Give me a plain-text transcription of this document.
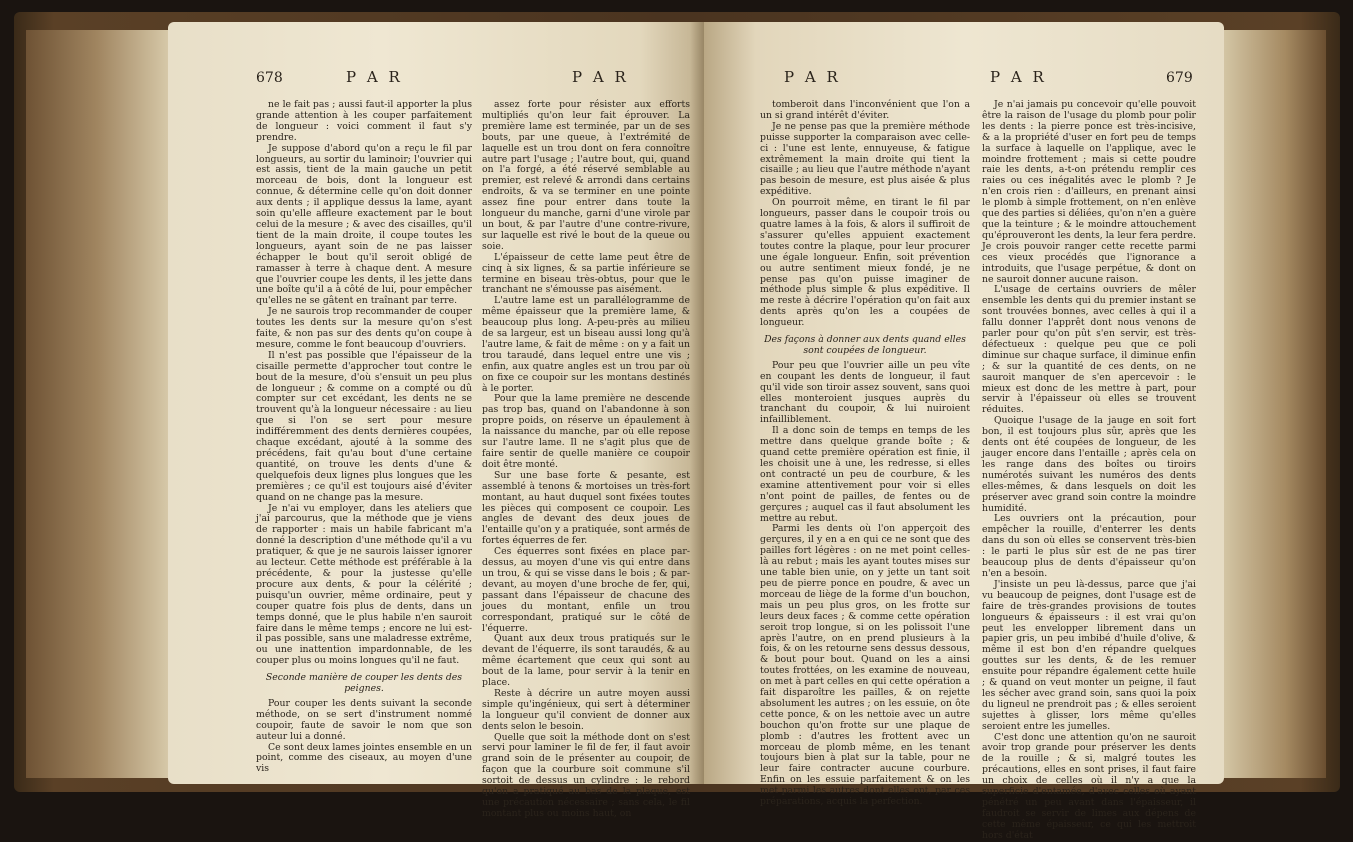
678	P A R	P A R

ne le fait pas ; aussi faut-il apporter la plus grande attention à les couper parfaitement de longueur : voici comment il faut s'y prendre.

Je suppose d'abord qu'on a reçu le fil par longueurs, au sortir du laminoir; l'ouvrier qui est assis, tient de la main gauche un petit morceau de bois, dont la longueur est connue, & détermine celle qu'on doit donner aux dents ; il applique dessus la lame, ayant soin qu'elle affleure exactement par le bout celui de la mesure ; & avec des cisailles, qu'il tient de la main droite, il coupe toutes les longueurs, ayant soin de ne pas laisser échapper le bout qu'il seroit obligé de ramasser à terre à chaque dent. A mesure que l'ouvrier coupe les dents, il les jette dans une boîte qu'il a à côté de lui, pour empêcher qu'elles ne se gâtent en traînant par terre.

Je ne saurois trop recommander de couper toutes les dents sur la mesure qu'on s'est faite, & non pas sur des dents qu'on coupe à mesure, comme le font beaucoup d'ouvriers.

Il n'est pas possible que l'épaisseur de la cisaille permette d'approcher tout contre le bout de la mesure, d'où s'ensuit un peu plus de longueur ; & comme on a compté ou dû compter sur cet excédant, les dents ne se trouvent qu'à la longueur nécessaire : au lieu que si l'on se sert pour mesure indifféremment des dents dernières coupées, chaque excédant, ajouté à la somme des précédens, fait qu'au bout d'une certaine quantité, on trouve les dents d'une & quelquefois deux lignes plus longues que les premières ; ce qu'il est toujours aisé d'éviter quand on ne change pas la mesure.

Je n'ai vu employer, dans les ateliers que j'ai parcourus, que la méthode que je viens de rapporter : mais un habile fabricant m'a donné la description d'une méthode qu'il a vu pratiquer, & que je ne saurois laisser ignorer au lecteur. Cette méthode est préférable à la précédente, & pour la justesse qu'elle procure aux dents, & pour la célérité ; puisqu'un ouvrier, même ordinaire, peut y couper quatre fois plus de dents, dans un temps donné, que le plus habile n'en sauroit faire dans le même temps ; encore ne lui est-il pas possible, sans une maladresse extrême, ou une inattention impardonnable, de les couper plus ou moins longues qu'il ne faut.

Seconde manière de couper les dents des peignes.

Pour couper les dents suivant la seconde méthode, on se sert d'instrument nommé coupoir, faute de savoir le nom que son auteur lui a donné.

Ce sont deux lames jointes ensemble en un point, comme des ciseaux, au moyen d'une vis

assez forte pour résister aux efforts multipliés qu'on leur fait éprouver. La première lame est terminée, par un de ses bouts, par une queue, à l'extrémité de laquelle est un trou dont on fera connoître autre part l'usage ; l'autre bout, qui, quand on l'a forgé, a été réservé semblable au premier, est relevé & arrondi dans certains endroits, & va se terminer en une pointe assez fine pour entrer dans toute la longueur du manche, garni d'une virole par un bout, & par l'autre d'une contre-rivure, sur laquelle est rivé le bout de la queue ou soie.

L'épaisseur de cette lame peut être de cinq à six lignes, & sa partie inférieure se termine en biseau très-obtus, pour que le tranchant ne s'émousse pas aisément.

L'autre lame est un parallélogramme de même épaisseur que la première lame, & beaucoup plus long. A-peu-près au milieu de sa largeur, est un biseau aussi long qu'à l'autre lame, & fait de même : on y a fait un trou taraudé, dans lequel entre une vis ; enfin, aux quatre angles est un trou par où on fixe ce coupoir sur les montans destinés à le porter.

Pour que la lame première ne descende pas trop bas, quand on l'abandonne à son propre poids, on réserve un épaulement à la naissance du manche, par où elle repose sur l'autre lame. Il ne s'agit plus que de faire sentir de quelle manière ce coupoir doit être monté.

Sur une base forte & pesante, est assemblé à tenons & mortoises un très-fort montant, au haut duquel sont fixées toutes les pièces qui composent ce coupoir. Les angles de devant des deux joues de l'entaille qu'on y a pratiquée, sont armés de fortes équerres de fer.

Ces équerres sont fixées en place par-dessus, au moyen d'une vis qui entre dans un trou, & qui se visse dans le bois ; & par-devant, au moyen d'une broche de fer, qui, passant dans l'épaisseur de chacune des joues du montant, enfile un trou correspondant, pratiqué sur le côté de l'équerre.

Quant aux deux trous pratiqués sur le devant de l'équerre, ils sont taraudés, & au même écartement que ceux qui sont au bout de la lame, pour servir à la tenir en place.

Reste à décrire un autre moyen aussi simple qu'ingénieux, qui sert à déterminer la longueur qu'il convient de donner aux dents selon le besoin.

Quelle que soit la méthode dont on s'est servi pour laminer le fil de fer, il faut avoir grand soin de le présenter au coupoir, de façon que la courbure soit commune s'il sortoit de dessus un cylindre : le rebord qu'on a pratiqué au bas de la plaque, est une précaution nécessaire ; sans cela, le fil montant plus ou moins haut, on

P A R	P A R	679

tomberoit dans l'inconvénient que l'on a un si grand intérêt d'éviter.

Je ne pense pas que la première méthode puisse supporter la comparaison avec celle-ci : l'une est lente, ennuyeuse, & fatigue extrêmement la main droite qui tient la cisaille ; au lieu que l'autre méthode n'ayant pas besoin de mesure, est plus aisée & plus expéditive.

On pourroit même, en tirant le fil par longueurs, passer dans le coupoir trois ou quatre lames à la fois, & alors il suffiroit de s'assurer qu'elles appuient exactement toutes contre la plaque, pour leur procurer une égale longueur. Enfin, soit prévention ou autre sentiment mieux fondé, je ne pense pas qu'on puisse imaginer de méthode plus simple & plus expéditive. Il me reste à décrire l'opération qu'on fait aux dents après qu'on les a coupées de longueur.

Des façons à donner aux dents quand elles sont coupées de longueur.

Pour peu que l'ouvrier aille un peu vîte en coupant les dents de longueur, il faut qu'il vide son tiroir assez souvent, sans quoi elles monteroient jusques auprès du tranchant du coupoir, & lui nuiroient infailliblement.

Il a donc soin de temps en temps de les mettre dans quelque grande boîte ; & quand cette première opération est finie, il les choisit une à une, les redresse, si elles ont contracté un peu de courbure, & les examine attentivement pour voir si elles n'ont point de pailles, de fentes ou de gerçures ; auquel cas il faut absolument les mettre au rebut.

Parmi les dents où l'on apperçoit des gerçures, il y en a en qui ce ne sont que des pailles fort légères : on ne met point celles-là au rebut ; mais les ayant toutes mises sur une table bien unie, on y jette un tant soit peu de pierre ponce en poudre, & avec un morceau de liège de la forme d'un bouchon, mais un peu plus gros, on les frotte sur leurs deux faces ; & comme cette opération seroit trop longue, si on les polissoit l'une après l'autre, on en prend plusieurs à la fois, & on les retourne sens dessus dessous, & bout pour bout. Quand on les a ainsi toutes frottées, on les examine de nouveau, on met à part celles en qui cette opération a fait disparoître les pailles, & on rejette absolument les autres ; on les essuie, on ôte cette ponce, & on les nettoie avec un autre bouchon qu'on frotte sur une plaque de plomb : d'autres les frottent avec un morceau de plomb même, en les tenant toujours bien à plat sur la table, pour ne leur faire contracter aucune courbure. Enfin on les essuie parfaitement & on les met parmi les autres dont elles ont, par ces préparations, acquis la perfection.

Je n'ai jamais pu concevoir qu'elle pouvoit être la raison de l'usage du plomb pour polir les dents : la pierre ponce est très-incisive, & a la propriété d'user en fort peu de temps la surface à laquelle on l'applique, avec le moindre frottement ; mais si cette poudre raie les dents, a-t-on prétendu remplir ces raies ou ces inégalités avec le plomb ? Je n'en crois rien : d'ailleurs, en prenant ainsi le plomb à simple frottement, on n'en enlève que des parties si déliées, qu'on n'en a guère que la teinture ; & le moindre attouchement qu'éprouveront les dents, la leur fera perdre. Je crois pouvoir ranger cette recette parmi ces vieux procédés que l'ignorance a introduits, que l'usage perpétue, & dont on ne sauroit donner aucune raison.

L'usage de certains ouvriers de mêler ensemble les dents qui du premier instant se sont trouvées bonnes, avec celles à qui il a fallu donner l'apprêt dont nous venons de parler pour qu'on pût s'en servir, est très-défectueux : quelque peu que ce poli diminue sur chaque surface, il diminue enfin ; & sur la quantité de ces dents, on ne sauroit manquer de s'en apercevoir : le mieux est donc de les mettre à part, pour servir à l'épaisseur où elles se trouvent réduites.

Quoique l'usage de la jauge en soit fort bon, il est toujours plus sûr, après que les dents ont été coupées de longueur, de les jauger encore dans l'entaille ; après cela on les range dans des boîtes ou tiroirs numérotés suivant les numéros des dents elles-mêmes, & dans lesquels on doit les préserver avec grand soin contre la moindre humidité.

Les ouvriers ont la précaution, pour empêcher la rouille, d'enterrer les dents dans du son où elles se conservent très-bien : le parti le plus sûr est de ne pas tirer beaucoup plus de dents d'épaisseur qu'on n'en a besoin.

J'insiste un peu là-dessus, parce que j'ai vu beaucoup de peignes, dont l'usage est de faire de très-grandes provisions de toutes longueurs & épaisseurs : il est vrai qu'on peut les envelopper librement dans un papier gris, un peu imbibé d'huile d'olive, & même il est bon d'en répandre quelques gouttes sur les dents, & de les remuer ensuite pour répandre également cette huile ; & quand on veut monter un peigne, il faut les sécher avec grand soin, sans quoi la poix du ligneul ne prendroit pas ; & elles seroient sujettes à glisser, lors même qu'elles seroient entre les jumelles.

C'est donc une attention qu'on ne sauroit avoir trop grande pour préserver les dents de la rouille ; & si, malgré toutes les précautions, elles en sont prises, il faut faire un choix de celles où il n'y a que la superficie d'entamée, d'avec celles où ayant pénétré un peu avant dans l'épaisseur, il faudroit se servir de limes aux dépens de cette même épaisseur, ce qui les mettroit hors d'état
